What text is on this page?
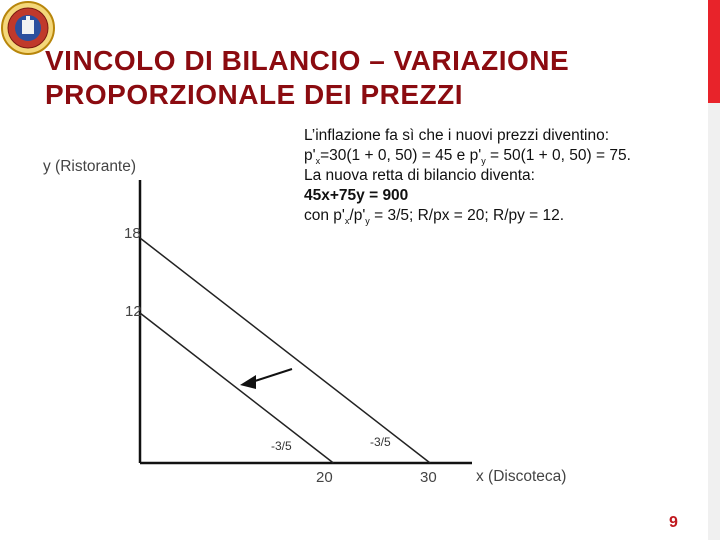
VINCOLO DI BILANCIO – VARIAZIONE
PROPORZIONALE DEI PREZZI
L’inflazione fa sì che i nuovi prezzi diventino:
$p'_x=30(1 + 0$, 50) = 45 e $p'_y = 50(1 + 0$, 50) = 75.
La nuova retta di bilancio diventa:
45x+75y = 900
con $p'_x/p'_y = 3/5$; R/px = 20; R/py = 12.
y (Ristorante)
x (Discoteca)
18
12
20	30
-3/5	-3/5
9
